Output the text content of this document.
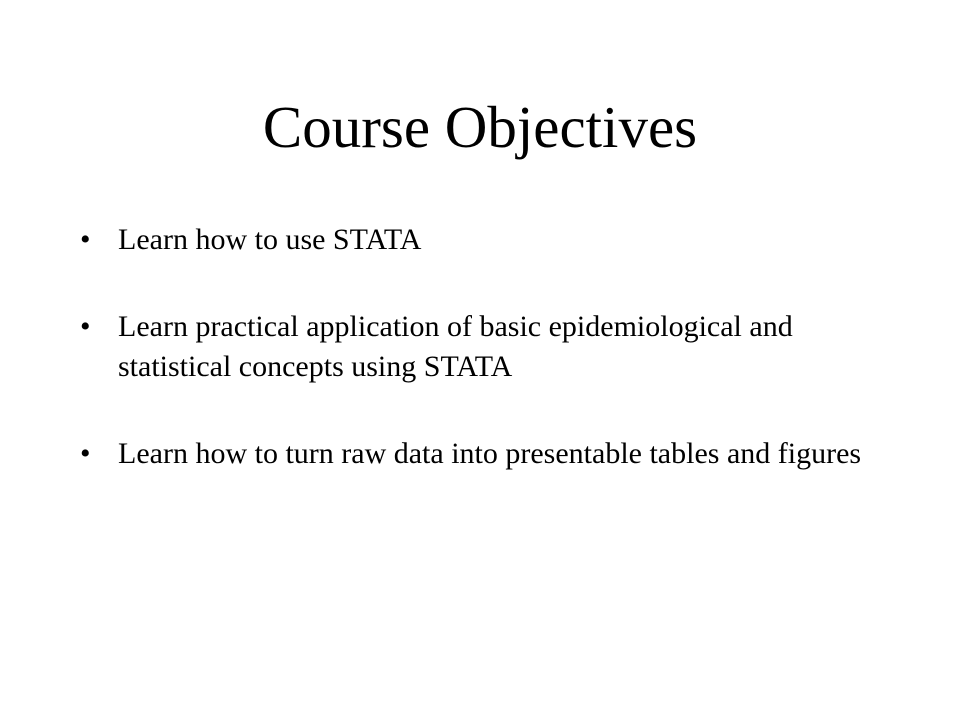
Course Objectives
• Learn how to use STATA
• Learn practical application of basic epidemiological and statistical concepts using STATA
• Learn how to turn raw data into presentable tables and figures
